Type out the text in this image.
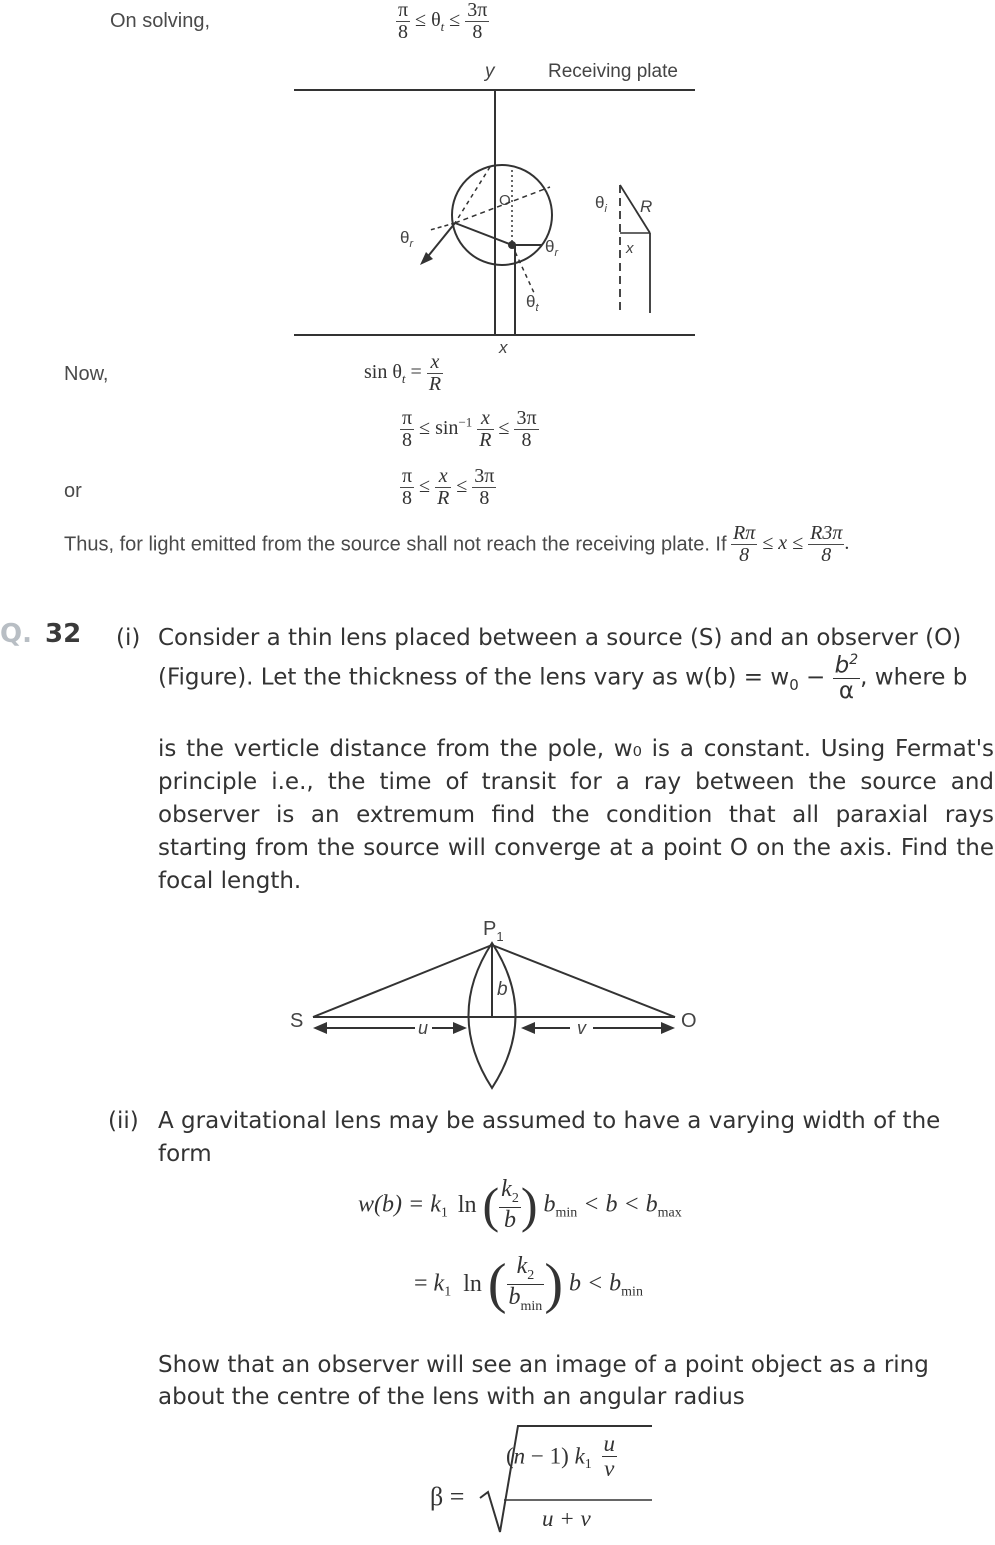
On solving,	$\frac{\pi}{8} \le \theta_t \le \frac{3\pi}{8}$
y	Receiving plate
O
$\theta_r$	$\theta_r$
$\theta_t$
$\theta_i$ R
x
x
Now,	$\sin \theta_t = \frac{x}{R}$
$\frac{\pi}{8} \le \sin^{-1} \frac{x}{R} \le \frac{3\pi}{8}$
or	$\frac{\pi}{8} \le \frac{x}{R} \le \frac{3\pi}{8}$
Thus, for light emitted from the source shall not reach the receiving plate. If $\frac{R\pi}{8} \le x \le \frac{R3\pi}{8}$ .
Q. 32 (i) Consider a thin lens placed between a source (S) and an observer (O)
(Figure). Let the thickness of the lens vary as $w(b) = w_0 - \frac{b^2}{\alpha}$ , where b
is the verticle distance from the pole, w₀ is a constant. Using Fermat's principle i.e., the time of transit for a ray between the source and observer is an extremum find the condition that all paraxial rays starting from the source will converge at a point O on the axis. Find the focal length.
$P_1$
b
S	O
u	v
(ii) A gravitational lens may be assumed to have a varying width of the
form
$w(b) = k_1$ ln ( $\frac{k_2}{b}$ ) $b_{min} < b < b_{max}$
= $k_1$ ln ( $\frac{k_2}{b_{min}}$ ) $b < b_{min}$
Show that an observer will see an image of a point object as a ring
about the centre of the lens with an angular radius
β =
(n − 1) $k_1 \frac{u}{v}$
u + v
